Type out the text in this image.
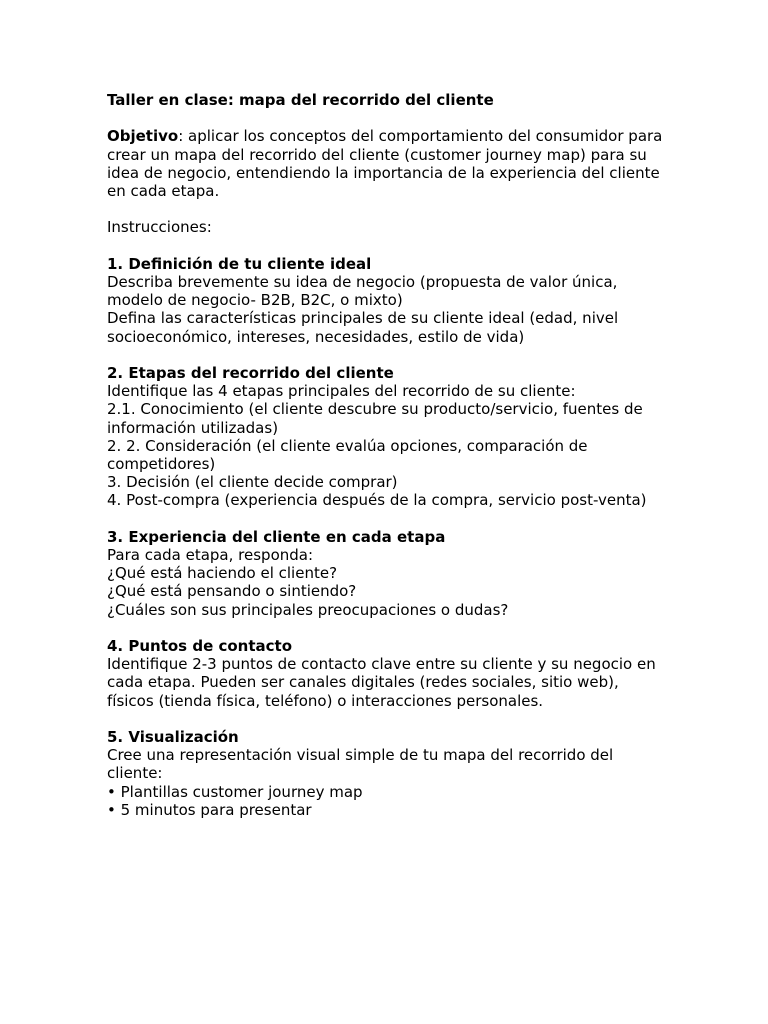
Taller en clase: mapa del recorrido del cliente

Objetivo: aplicar los conceptos del comportamiento del consumidor para crear un mapa del recorrido del cliente (customer journey map) para su idea de negocio, entendiendo la importancia de la experiencia del cliente en cada etapa.

Instrucciones:

1. Definición de tu cliente ideal

Describa brevemente su idea de negocio (propuesta de valor única, modelo de negocio- B2B, B2C, o mixto)

Defina las características principales de su cliente ideal (edad, nivel socioeconómico, intereses, necesidades, estilo de vida)

2. Etapas del recorrido del cliente

Identifique las 4 etapas principales del recorrido de su cliente:

2.1. Conocimiento (el cliente descubre su producto/servicio, fuentes de información utilizadas)

2. 2. Consideración (el cliente evalúa opciones, comparación de competidores)

3. Decisión (el cliente decide comprar)

4. Post-compra (experiencia después de la compra, servicio post-venta)

3. Experiencia del cliente en cada etapa

Para cada etapa, responda:

¿Qué está haciendo el cliente?

¿Qué está pensando o sintiendo?

¿Cuáles son sus principales preocupaciones o dudas?

4. Puntos de contacto

Identifique 2-3 puntos de contacto clave entre su cliente y su negocio en cada etapa. Pueden ser canales digitales (redes sociales, sitio web), físicos (tienda física, teléfono) o interacciones personales.

5. Visualización

Cree una representación visual simple de tu mapa del recorrido del cliente:

• Plantillas customer journey map

• 5 minutos para presentar
